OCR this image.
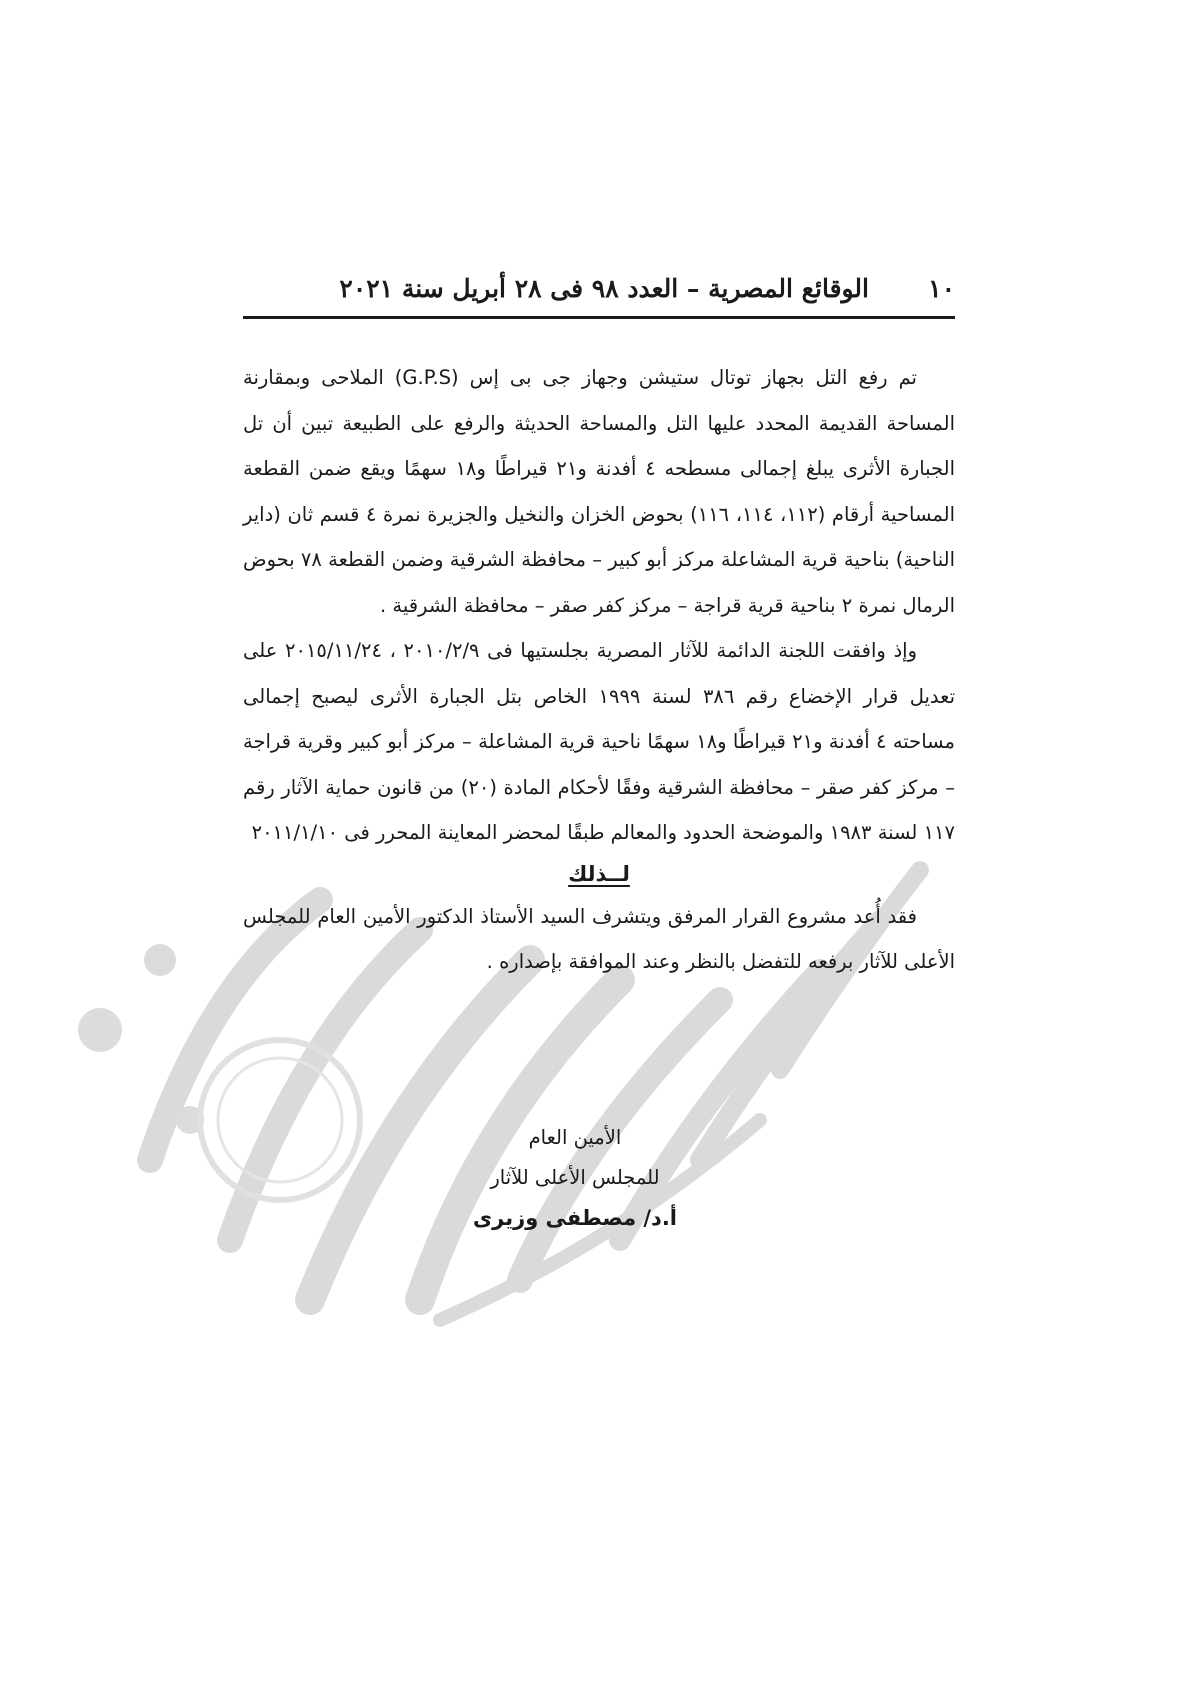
١٠
الوقائع المصرية – العدد ٩٨ فى ٢٨ أبريل سنة ٢٠٢١

تم رفع التل بجهاز توتال ستيشن وجهاز جى بى إس (G.P.S) الملاحى وبمقارنة المساحة القديمة المحدد عليها التل والمساحة الحديثة والرفع على الطبيعة تبين أن تل الجبارة الأثرى يبلغ إجمالى مسطحه ٤ أفدنة و٢١ قيراطًا و١٨ سهمًا ويقع ضمن القطعة المساحية أرقام (١١٢، ١١٤، ١١٦) بحوض الخزان والنخيل والجزيرة نمرة ٤ قسم ثان (داير الناحية) بناحية قرية المشاعلة مركز أبو كبير – محافظة الشرقية وضمن القطعة ٧٨ بحوض الرمال نمرة ٢ بناحية قرية قراجة – مركز كفر صقر – محافظة الشرقية .

وإذ وافقت اللجنة الدائمة للآثار المصرية بجلستيها فى ٢٠١٠/٢/٩ ، ٢٠١٥/١١/٢٤ على تعديل قرار الإخضاع رقم ٣٨٦ لسنة ١٩٩٩ الخاص بتل الجبارة الأثرى ليصبح إجمالى مساحته ٤ أفدنة و٢١ قيراطًا و١٨ سهمًا ناحية قرية المشاعلة – مركز أبو كبير وقرية قراجة – مركز كفر صقر – محافظة الشرقية وفقًا لأحكام المادة (٢٠) من قانون حماية الآثار رقم ١١٧ لسنة ١٩٨٣ والموضحة الحدود والمعالم طبقًا لمحضر المعاينة المحرر فى ٢٠١١/١/١٠

لــذلك

فقد أُعد مشروع القرار المرفق ويتشرف السيد الأستاذ الدكتور الأمين العام للمجلس الأعلى للآثار برفعه للتفضل بالنظر وعند الموافقة بإصداره .

الأمين العام
للمجلس الأعلى للآثار
أ.د/ مصطفى وزيرى
